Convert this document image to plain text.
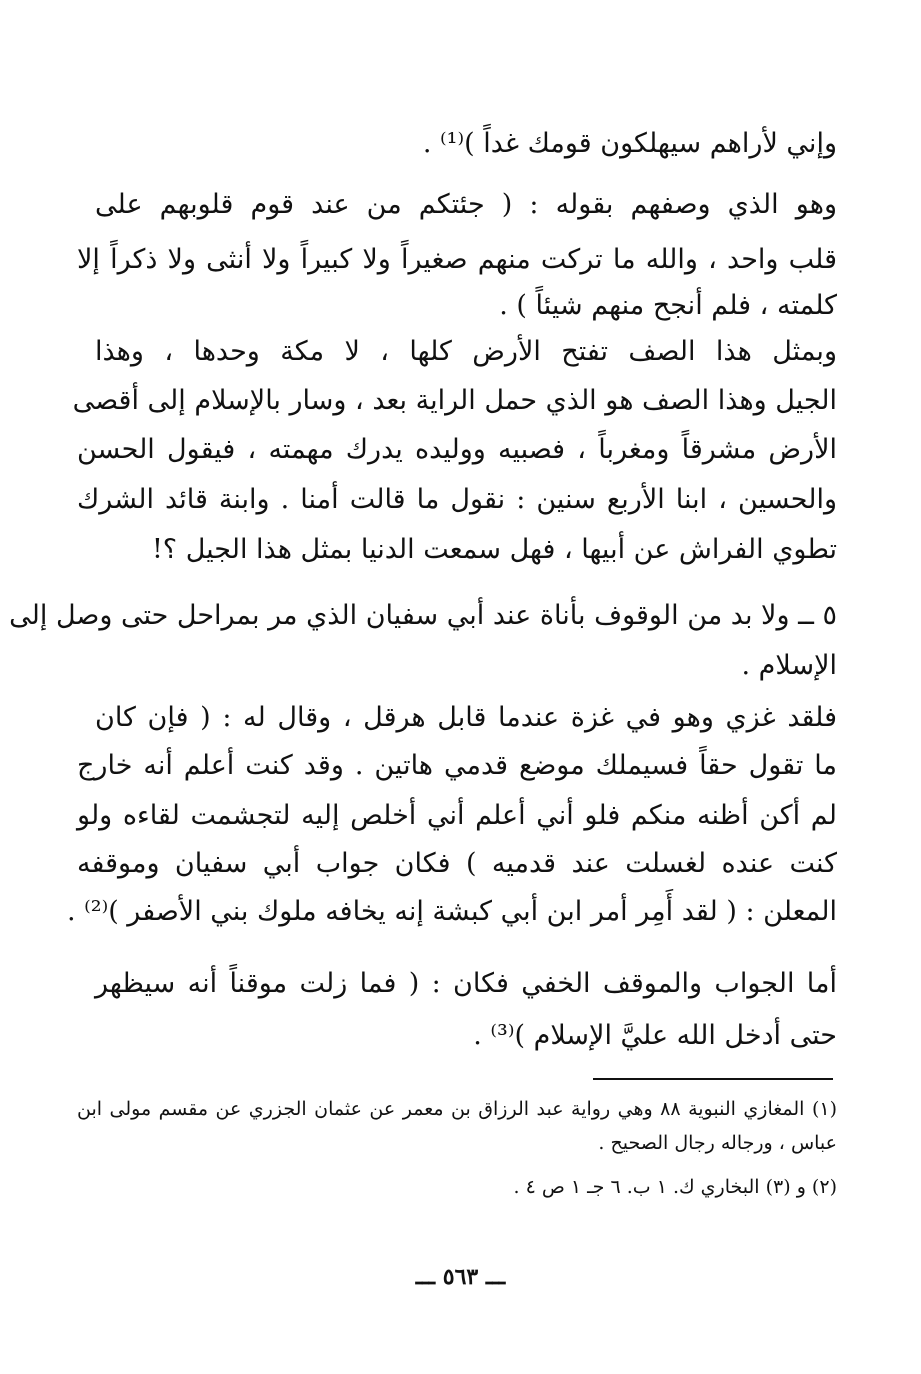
وإني لأراهم سيهلكون قومك غداً )⁽¹⁾ .
وهو الذي وصفهم بقوله : ( جئتكم من عند قوم قلوبهم على
قلب واحد ، والله ما تركت منهم صغيراً ولا كبيراً ولا أنثى ولا ذكراً إلا
كلمته ، فلم أنجح منهم شيئاً ) .
وبمثل هذا الصف تفتح الأرض كلها ، لا مكة وحدها ، وهذا
الجيل وهذا الصف هو الذي حمل الراية بعد ، وسار بالإسلام إلى أقصى
الأرض مشرقاً ومغرباً ، فصبيه ووليده يدرك مهمته ، فيقول الحسن
والحسين ، ابنا الأربع سنين : نقول ما قالت أمنا . وابنة قائد الشرك
تطوي الفراش عن أبيها ، فهل سمعت الدنيا بمثل هذا الجيل ؟!
٥ ــ ولا بد من الوقوف بأناة عند أبي سفيان الذي مر بمراحل حتى وصل إلى
الإسلام .
فلقد غزي وهو في غزة عندما قابل هرقل ، وقال له : ( فإن كان
ما تقول حقاً فسيملك موضع قدمي هاتين . وقد كنت أعلم أنه خارج
لم أكن أظنه منكم فلو أني أعلم أني أخلص إليه لتجشمت لقاءه ولو
كنت عنده لغسلت عند قدميه ) فكان جواب أبي سفيان وموقفه
المعلن : ( لقد أَمِر أمر ابن أبي كبشة إنه يخافه ملوك بني الأصفر )⁽²⁾ .
أما الجواب والموقف الخفي فكان : ( فما زلت موقناً أنه سيظهر
حتى أدخل الله عليَّ الإسلام )⁽³⁾ .
(١) المغازي النبوية ٨٨ وهي رواية عبد الرزاق بن معمر عن عثمان الجزري عن مقسم مولى ابن
عباس ، ورجاله رجال الصحيح .
(٢) و (٣) البخاري ك. ١ ب. ٦ جـ ١ ص ٤ .
ـــ ٥٦٣ ـــ
